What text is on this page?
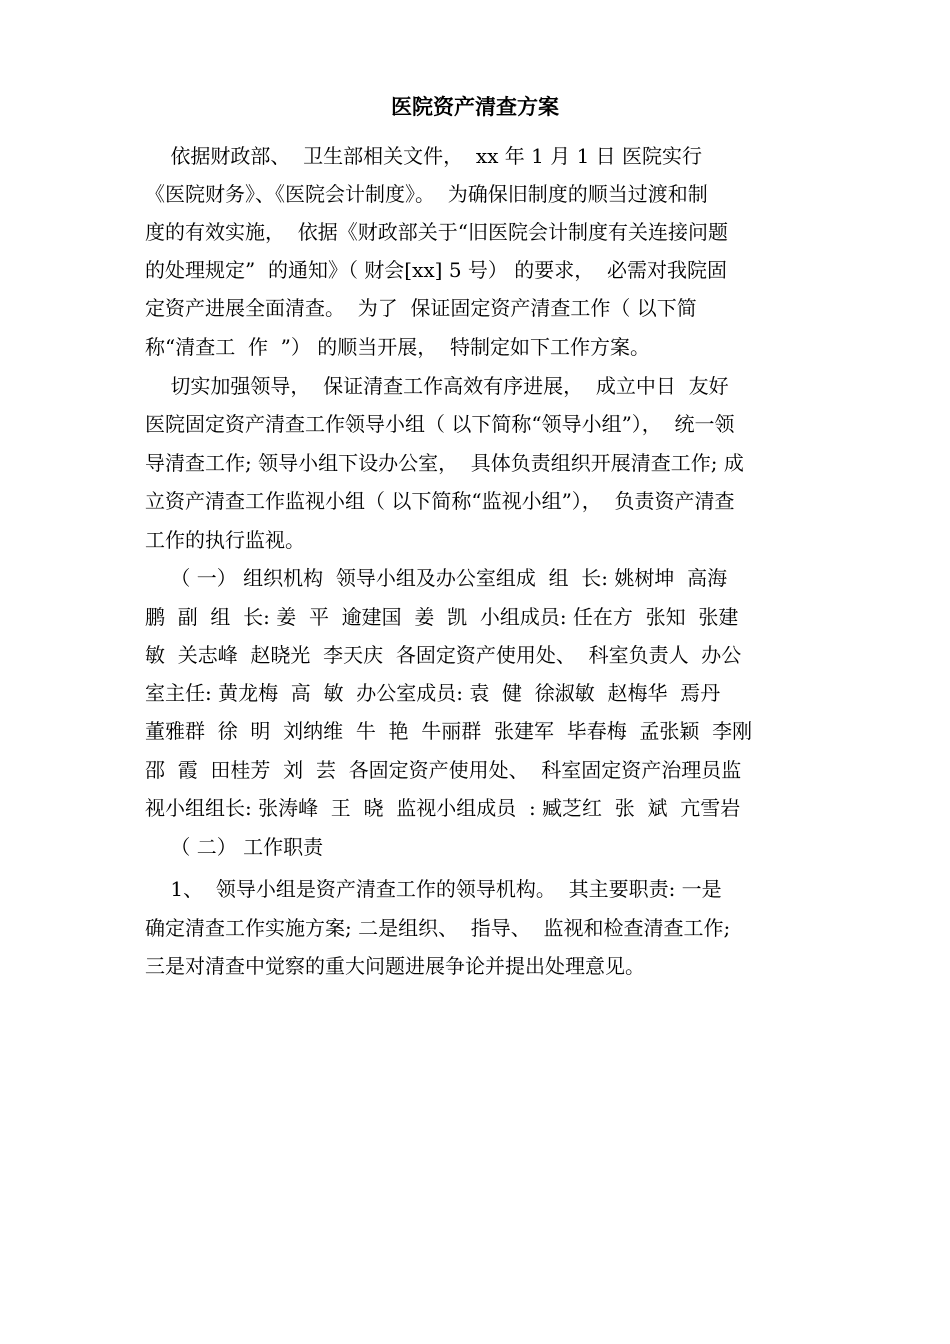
医院资产清查方案
依据财政部、  卫生部相关文件，  xx 年 1 月 1 日 医院实行
《医院财务》、《医院会计制度》。  为确保旧制度的顺当过渡和制
度的有效实施，  依据《财政部关于“旧医院会计制度有关连接问题
的处理规定”  的通知》（ 财会[xx] 5 号） 的要求，  必需对我院固
定资产进展全面清查。  为了  保证固定资产清查工作（ 以下简
称“清查工  作  ”） 的顺当开展，  特制定如下工作方案。
切实加强领导，  保证清查工作高效有序进展，  成立中日  友好
医院固定资产清查工作领导小组（ 以下简称“领导小组”），  统一领
导清查工作; 领导小组下设办公室，  具体负责组织开展清查工作; 成
立资产清查工作监视小组（ 以下简称“监视小组”），  负责资产清查
工作的执行监视。
（ 一） 组织机构  领导小组及办公室组成  组  长: 姚树坤  高海
鹏  副  组  长: 姜  平  逾建国  姜  凯  小组成员: 任在方  张知  张建
敏  关志峰  赵晓光  李天庆  各固定资产使用处、  科室负责人  办公
室主任: 黄龙梅  高  敏  办公室成员: 袁  健  徐淑敏  赵梅华  焉丹
董雅群  徐  明  刘纳维  牛  艳  牛丽群  张建军  毕春梅  孟张颖  李刚
邵  霞  田桂芳  刘  芸  各固定资产使用处、  科室固定资产治理员监
视小组组长: 张涛峰  王  晓  监视小组成员  : 臧芝红  张  斌  亢雪岩
（ 二） 工作职责
1、  领导小组是资产清查工作的领导机构。  其主要职责: 一是
确定清查工作实施方案; 二是组织、  指导、  监视和检查清查工作;
三是对清查中觉察的重大问题进展争论并提出处理意见。
